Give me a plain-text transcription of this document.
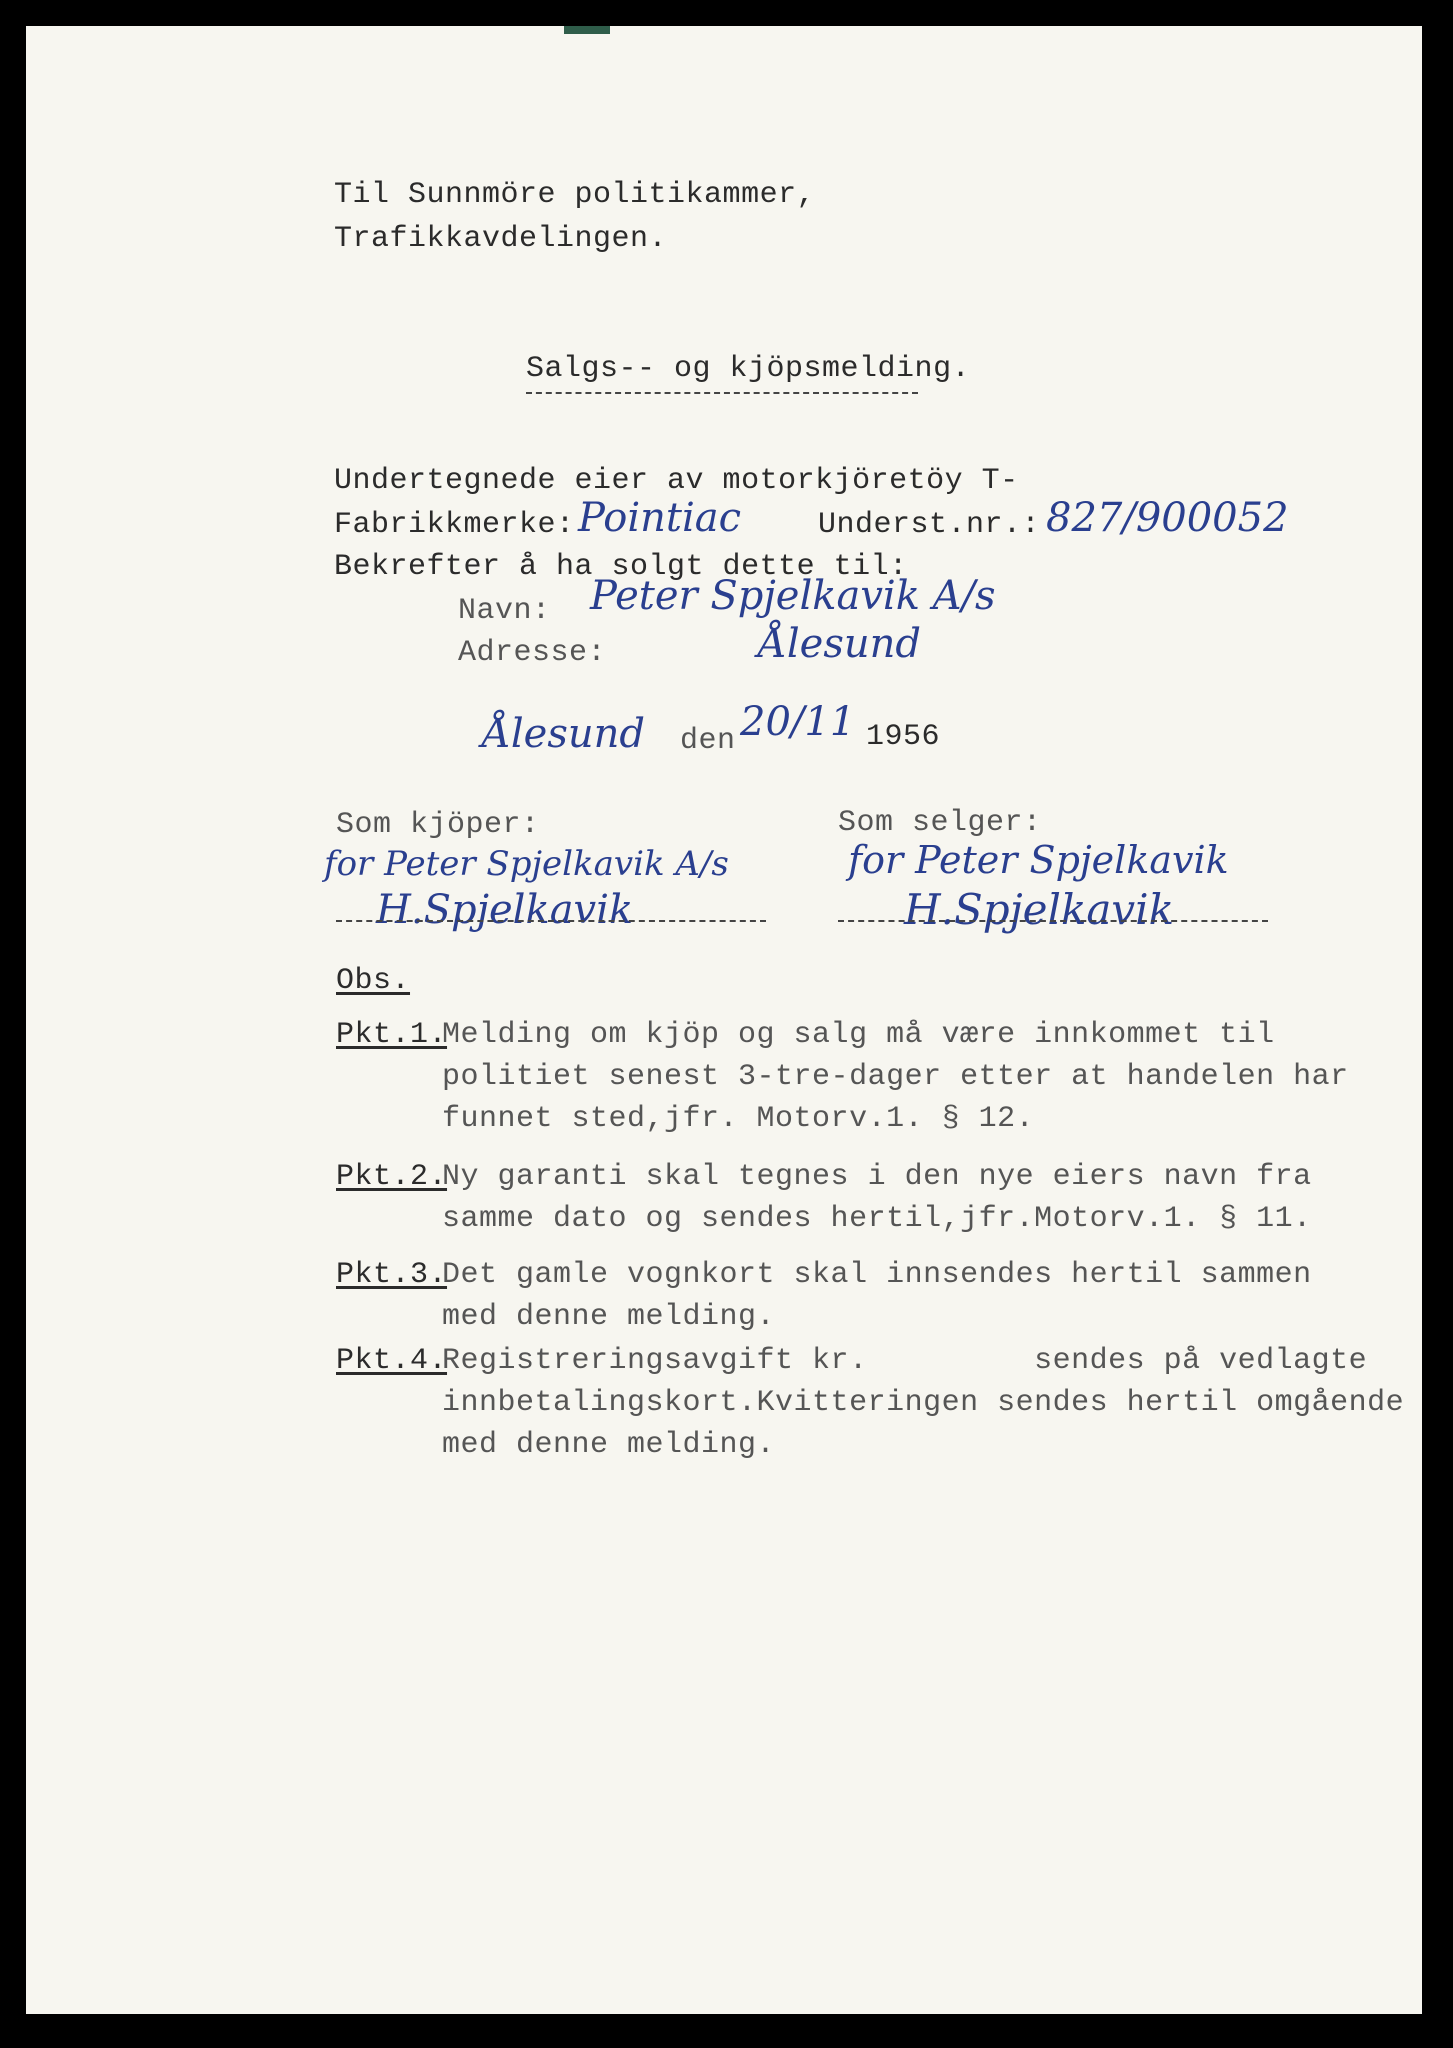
Til Sunnmöre politikammer,
Trafikkavdelingen.
Salgs-- og kjöpsmelding.
Undertegnede eier av motorkjöretöy T-
Fabrikkmerke: Pointiac	Underst.nr.: 827/900052
Bekrefter å ha solgt dette til:
Navn: Peter Spjelkavik A/s
Adresse:	Ålesund
Ålesund den 20/11 1956
Som kjöper:
for Peter Spjelkavik A/s
H.Spjelkavik
Som selger:
for Peter Spjelkavik
H.Spjelkavik
Obs.
Pkt.1.
Melding om kjöp og salg må være innkommet til
politiet senest 3-tre-dager etter at handelen har
funnet sted,jfr. Motorv.1. § 12.
Pkt.2.
Ny garanti skal tegnes i den nye eiers navn fra
samme dato og sendes hertil,jfr.Motorv.1. § 11.
Pkt.3.
Det gamle vognkort skal innsendes hertil sammen
med denne melding.
Pkt.4.
Registreringsavgift kr.         sendes på vedlagte
innbetalingskort.Kvitteringen sendes hertil omgående
med denne melding.
